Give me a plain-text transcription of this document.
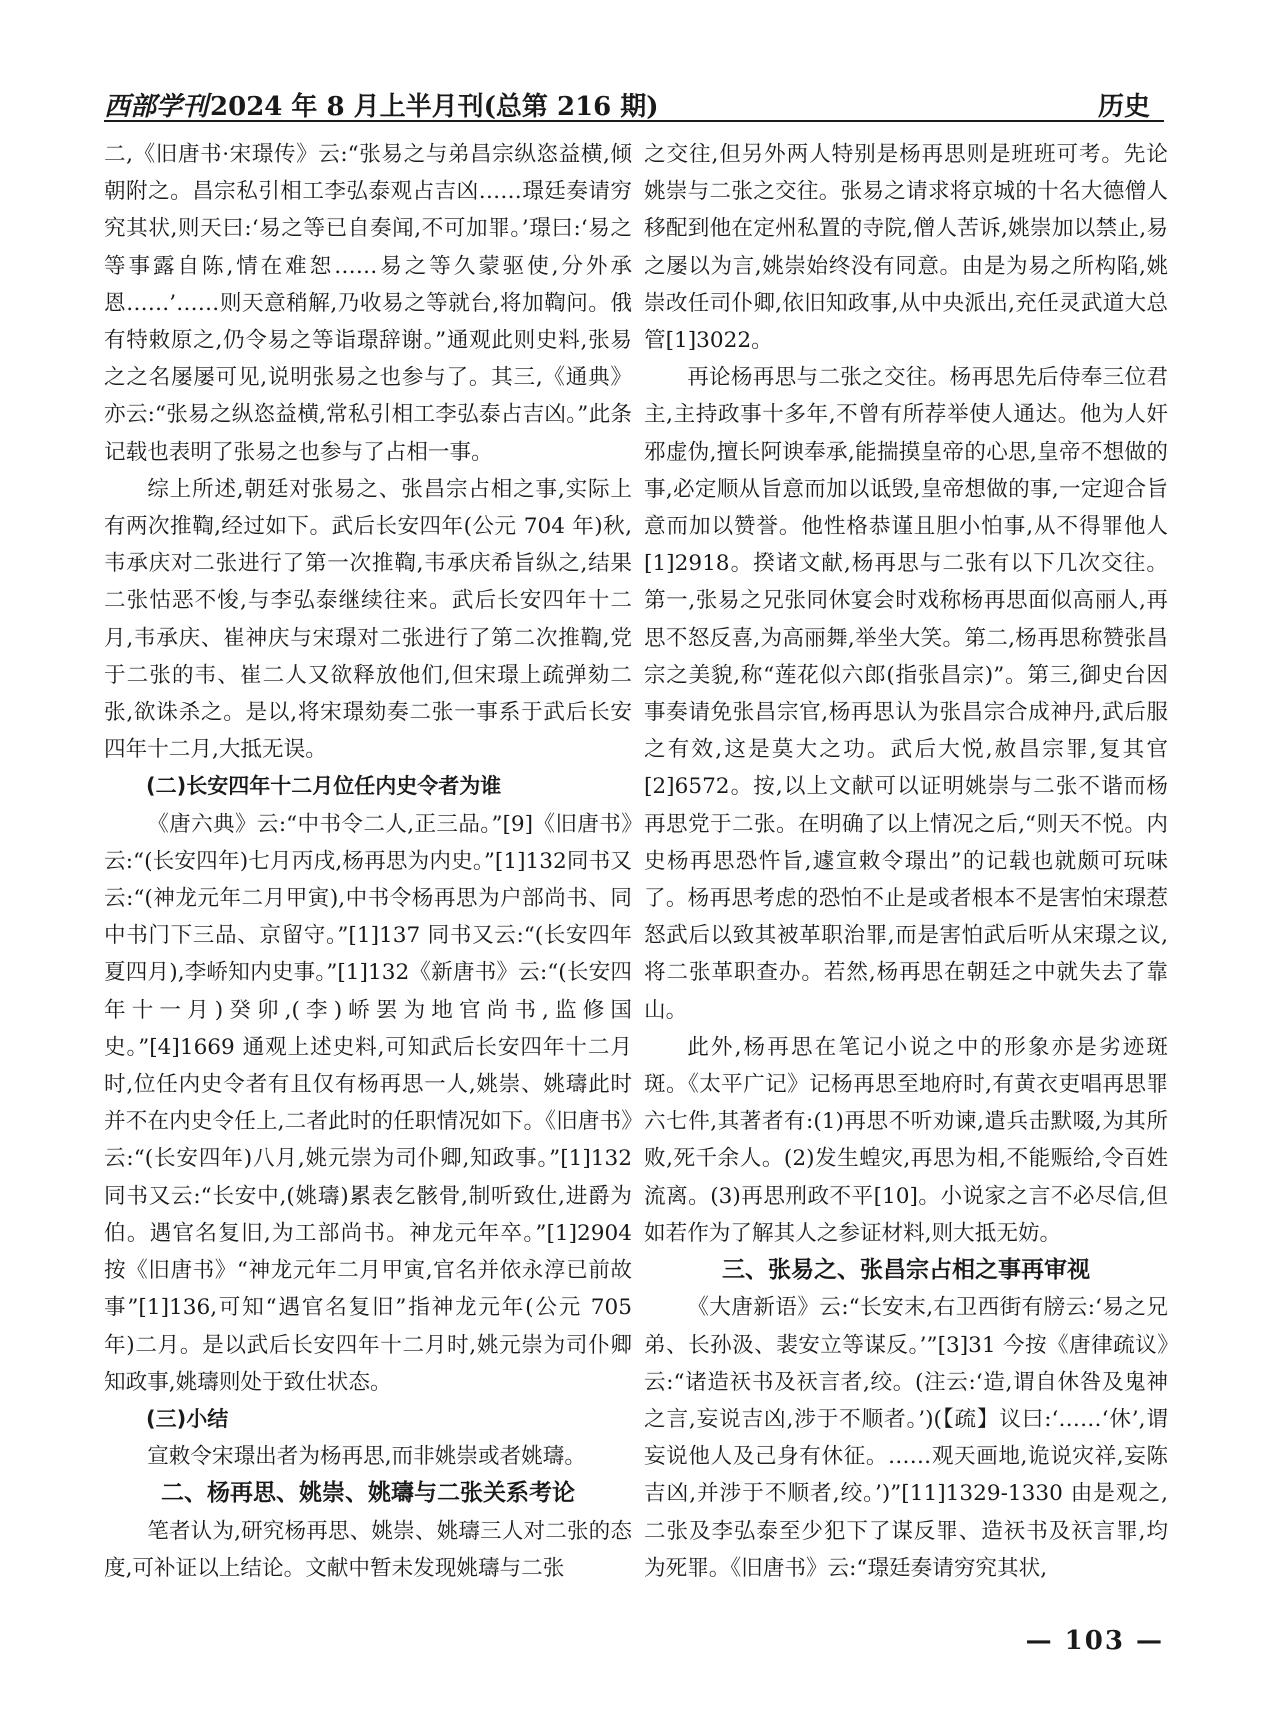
西部学刊2024 年 8 月上半月刊(总第 216 期)	历史
二,《旧唐书·宋璟传》云:“张易之与弟昌宗纵恣益横,倾朝附之。昌宗私引相工李弘泰观占吉凶……璟廷奏请穷究其状,则天曰:‘易之等已自奏闻,不可加罪。’璟曰:‘易之等事露自陈,情在难恕……易之等久蒙驱使,分外承恩……’……则天意稍解,乃收易之等就台,将加鞫问。俄有特敕原之,仍令易之等诣璟辞谢。”通观此则史料,张易之之名屡屡可见,说明张易之也参与了。其三,《通典》亦云:“张易之纵恣益横,常私引相工李弘泰占吉凶。”此条记载也表明了张易之也参与了占相一事。
综上所述,朝廷对张易之、张昌宗占相之事,实际上有两次推鞫,经过如下。武后长安四年(公元 704 年)秋,韦承庆对二张进行了第一次推鞫,韦承庆希旨纵之,结果二张怙恶不悛,与李弘泰继续往来。武后长安四年十二月,韦承庆、崔神庆与宋璟对二张进行了第二次推鞫,党于二张的韦、崔二人又欲释放他们,但宋璟上疏弹劾二张,欲诛杀之。是以,将宋璟劾奏二张一事系于武后长安四年十二月,大抵无误。
(二)长安四年十二月位任内史令者为谁
《唐六典》云:“中书令二人,正三品。”[9]《旧唐书》云:“(长安四年)七月丙戌,杨再思为内史。”[1]132同书又云:“(神龙元年二月甲寅),中书令杨再思为户部尚书、同中书门下三品、京留守。”[1]137 同书又云:“(长安四年夏四月),李峤知内史事。”[1]132《新唐书》云:“(长安四年十一月)癸卯,(李)峤罢为地官尚书,监修国史。”[4]1669 通观上述史料,可知武后长安四年十二月时,位任内史令者有且仅有杨再思一人,姚崇、姚璹此时并不在内史令任上,二者此时的任职情况如下。《旧唐书》云:“(长安四年)八月,姚元崇为司仆卿,知政事。”[1]132 同书又云:“长安中,(姚璹)累表乞骸骨,制听致仕,进爵为伯。遇官名复旧,为工部尚书。神龙元年卒。”[1]2904 按《旧唐书》“神龙元年二月甲寅,官名并依永淳已前故事”[1]136,可知“遇官名复旧”指神龙元年(公元 705 年)二月。是以武后长安四年十二月时,姚元崇为司仆卿知政事,姚璹则处于致仕状态。
(三)小结
宣敕令宋璟出者为杨再思,而非姚崇或者姚璹。
二、杨再思、姚崇、姚璹与二张关系考论
笔者认为,研究杨再思、姚崇、姚璹三人对二张的态度,可补证以上结论。文献中暂未发现姚璹与二张
之交往,但另外两人特别是杨再思则是班班可考。先论姚崇与二张之交往。张易之请求将京城的十名大德僧人移配到他在定州私置的寺院,僧人苦诉,姚崇加以禁止,易之屡以为言,姚崇始终没有同意。由是为易之所构陷,姚崇改任司仆卿,依旧知政事,从中央派出,充任灵武道大总管[1]3022。
再论杨再思与二张之交往。杨再思先后侍奉三位君主,主持政事十多年,不曾有所荐举使人通达。他为人奸邪虚伪,擅长阿谀奉承,能揣摸皇帝的心思,皇帝不想做的事,必定顺从旨意而加以诋毁,皇帝想做的事,一定迎合旨意而加以赞誉。他性格恭谨且胆小怕事,从不得罪他人[1]2918。揆诸文献,杨再思与二张有以下几次交往。第一,张易之兄张同休宴会时戏称杨再思面似高丽人,再思不怒反喜,为高丽舞,举坐大笑。第二,杨再思称赞张昌宗之美貌,称“莲花似六郎(指张昌宗)”。第三,御史台因事奏请免张昌宗官,杨再思认为张昌宗合成神丹,武后服之有效,这是莫大之功。武后大悦,赦昌宗罪,复其官[2]6572。按,以上文献可以证明姚崇与二张不谐而杨再思党于二张。在明确了以上情况之后,“则天不悦。内史杨再思恐忤旨,遽宣敕令璟出”的记载也就颇可玩味了。杨再思考虑的恐怕不止是或者根本不是害怕宋璟惹怒武后以致其被革职治罪,而是害怕武后听从宋璟之议,将二张革职查办。若然,杨再思在朝廷之中就失去了靠山。
此外,杨再思在笔记小说之中的形象亦是劣迹斑斑。《太平广记》记杨再思至地府时,有黄衣吏唱再思罪六七件,其著者有:(1)再思不听劝谏,遣兵击默啜,为其所败,死千余人。(2)发生蝗灾,再思为相,不能赈给,令百姓流离。(3)再思刑政不平[10]。小说家之言不必尽信,但如若作为了解其人之参证材料,则大抵无妨。
三、张易之、张昌宗占相之事再审视
《大唐新语》云:“长安末,右卫西街有牓云:‘易之兄弟、长孙汲、裴安立等谋反。’”[3]31 今按《唐律疏议》云:“诸造祆书及祆言者,绞。(注云:‘造,谓自休咎及鬼神之言,妄说吉凶,涉于不顺者。’)(【疏】议曰:‘……‘休’,谓妄说他人及己身有休征。……观天画地,诡说灾祥,妄陈吉凶,并涉于不顺者,绞。’)”[11]1329-1330 由是观之,二张及李弘泰至少犯下了谋反罪、造祆书及祆言罪,均为死罪。《旧唐书》云:“璟廷奏请穷究其状,
— 103 —
